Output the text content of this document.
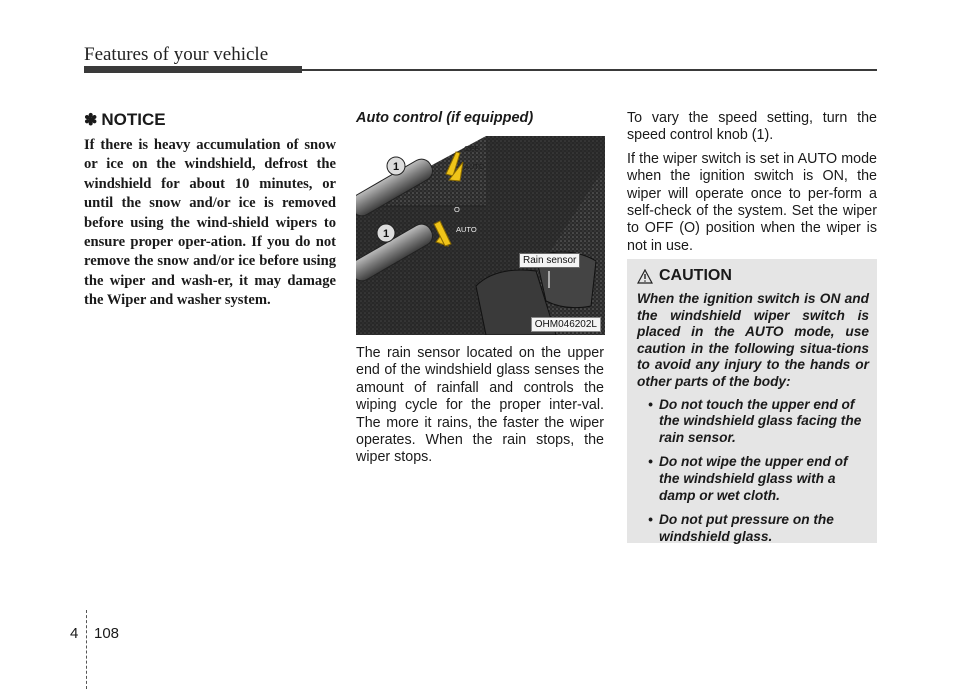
Features of your vehicle
✽ NOTICE

If there is heavy accumulation of snow or ice on the windshield, defrost the windshield for about 10 minutes, or until the snow and/or ice is removed before using the wind-shield wipers to ensure proper oper-ation. If you do not remove the snow and/or ice before using the wiper and wash-er, it may damage the Wiper and washer system.

Auto control (if equipped)
1
OFF
AUTO
1
O
AUTO
Rain sensor
OHM046202L

The rain sensor located on the upper end of the windshield glass senses the amount of rainfall and controls the wiping cycle for the proper inter-val. The more it rains, the faster the wiper operates. When the rain stops, the wiper stops.

To vary the speed setting, turn the speed control knob (1).

If the wiper switch is set in AUTO mode when the ignition switch is ON, the wiper will operate once to per-form a self-check of the system. Set the wiper to OFF (O) position when the wiper is not in use.

CAUTION

When the ignition switch is ON and the windshield wiper switch is placed in the AUTO mode, use caution in the following situa-tions to avoid any injury to the hands or other parts of the body:

• Do not touch the upper end of the windshield glass facing the rain sensor.
• Do not wipe the upper end of the windshield glass with a damp or wet cloth.
• Do not put pressure on the windshield glass.
4 108
